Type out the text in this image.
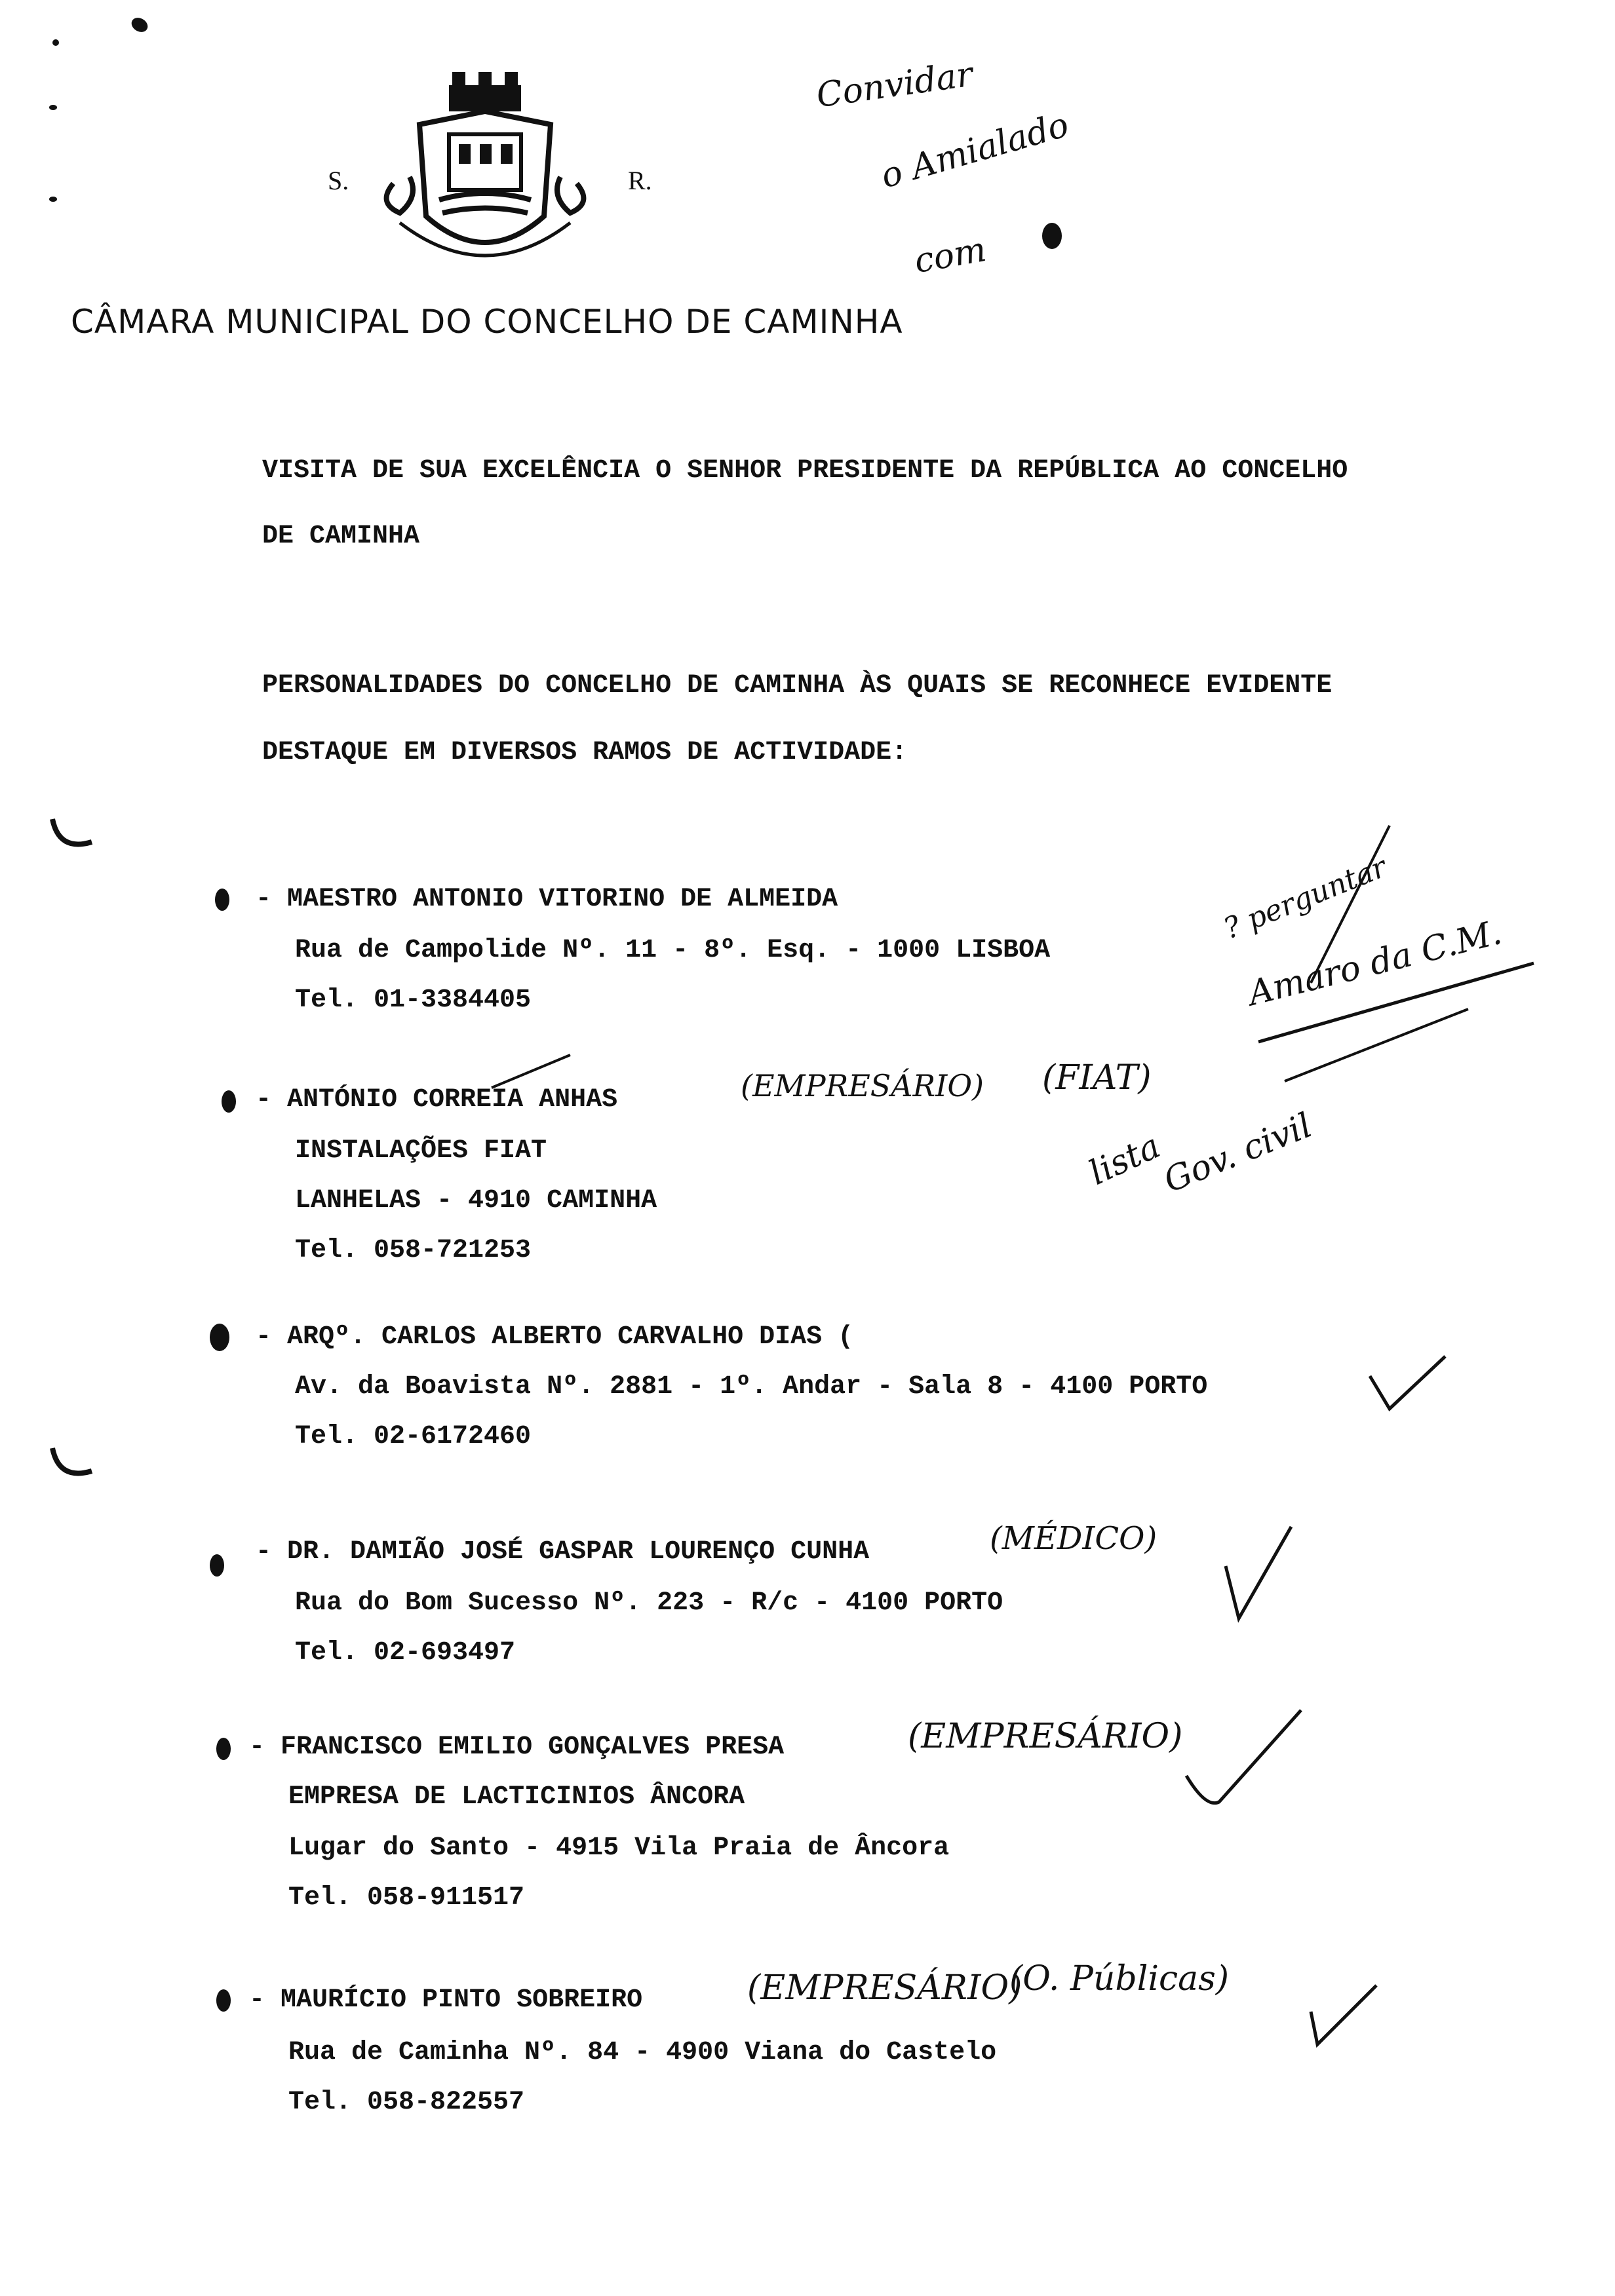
S.	R.
CÂMARA MUNICIPAL DO CONCELHO DE CAMINHA
Convidar
o Amialado
com
VISITA DE SUA EXCELÊNCIA O SENHOR PRESIDENTE DA REPÚBLICA AO CONCELHO
DE CAMINHA
PERSONALIDADES DO CONCELHO DE CAMINHA ÀS QUAIS SE RECONHECE EVIDENTE
DESTAQUE EM DIVERSOS RAMOS DE ACTIVIDADE:
- MAESTRO ANTONIO VITORINO DE ALMEIDA
Rua de Campolide Nº. 11 - 8º. Esq. - 1000 LISBOA
Tel. 01-3384405
? perguntar
Amaro da C.M.
- ANTÓNIO CORREIA ANHAS
INSTALAÇÕES FIAT
LANHELAS - 4910 CAMINHA
Tel. 058-721253
(EMPRESÁRIO) (FIAT)
lista
Gov. civil
- ARQº. CARLOS ALBERTO CARVALHO DIAS (
Av. da Boavista Nº. 2881 - 1º. Andar - Sala 8 - 4100 PORTO
Tel. 02-6172460
- DR. DAMIÃO JOSÉ GASPAR LOURENÇO CUNHA
Rua do Bom Sucesso Nº. 223 - R/c - 4100 PORTO
Tel. 02-693497
(MÉDICO)
- FRANCISCO EMILIO GONÇALVES PRESA
EMPRESA DE LACTICINIOS ÂNCORA
Lugar do Santo - 4915 Vila Praia de Âncora
Tel. 058-911517
(EMPRESÁRIO)
- MAURÍCIO PINTO SOBREIRO
Rua de Caminha Nº. 84 - 4900 Viana do Castelo
Tel. 058-822557
(EMPRESÁRIO)
(O. Públicas)
